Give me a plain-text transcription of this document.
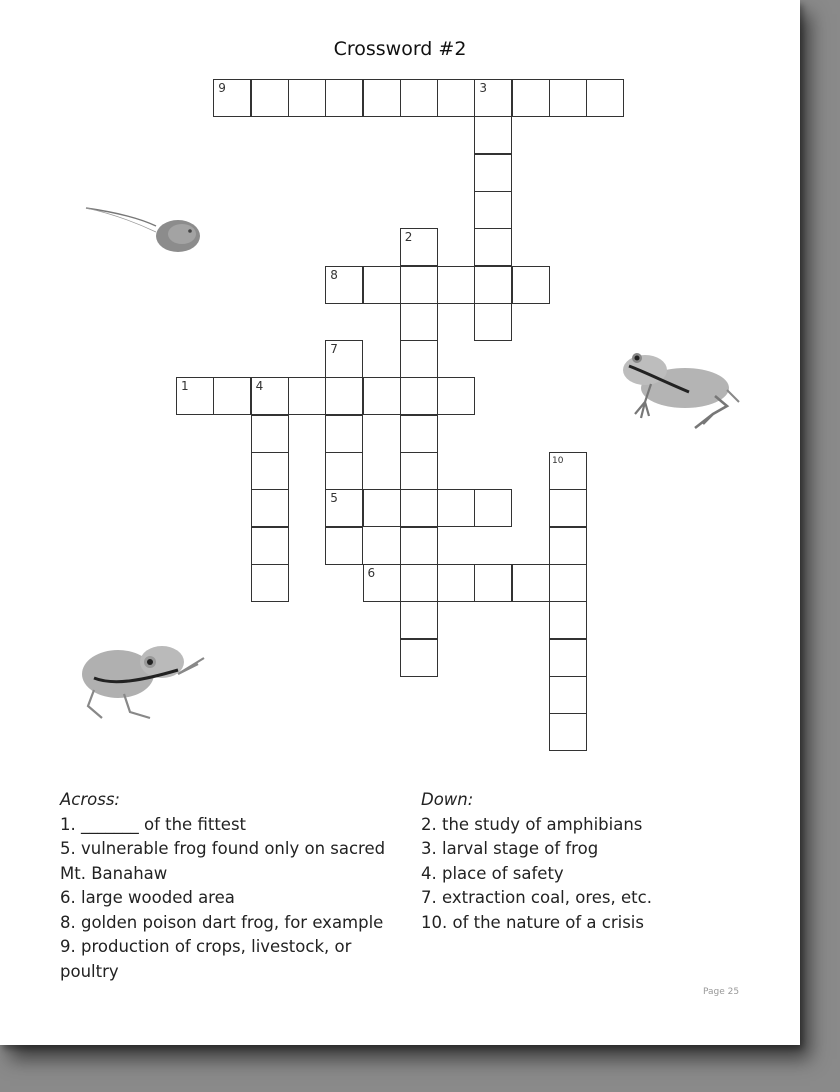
Crossword #2
9	3
8
1	4
5
6
2
7
10
Across:

1. _______ of the fittest

5. vulnerable frog found only on sacred Mt. Banahaw

6. large wooded area

8. golden poison dart frog, for example

9. production of crops, livestock, or poultry

Down:

2. the study of amphibians

3. larval stage of frog

4. place of safety

7. extraction coal, ores, etc.

10. of the nature of a crisis

Page 25
